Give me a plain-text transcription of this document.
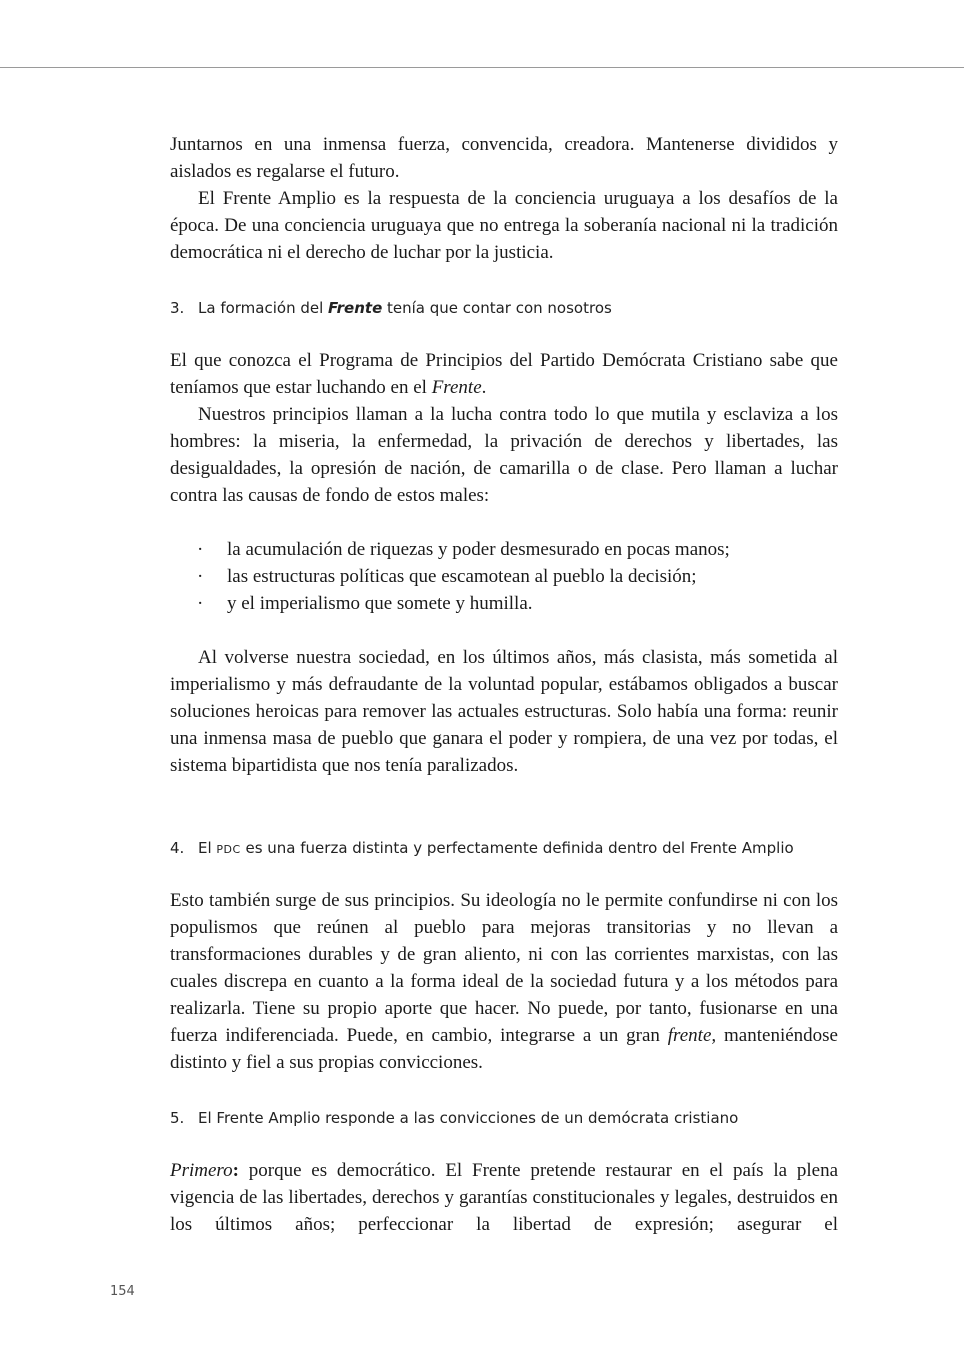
Juntarnos en una inmensa fuerza, convencida, creadora. Mantenerse divididos y aislados es regalarse el futuro.

El Frente Amplio es la respuesta de la conciencia uruguaya a los desafíos de la época. De una conciencia uruguaya que no entrega la soberanía nacional ni la tradición democrática ni el derecho de luchar por la justicia.

3. La formación del Frente tenía que contar con nosotros

El que conozca el Programa de Principios del Partido Demócrata Cristiano sabe que teníamos que estar luchando en el Frente.

Nuestros principios llaman a la lucha contra todo lo que mutila y esclaviza a los hombres: la miseria, la enfermedad, la privación de derechos y libertades, las desigualdades, la opresión de nación, de camarilla o de clase. Pero llaman a luchar contra las causas de fondo de estos males:

· la acumulación de riquezas y poder desmesurado en pocas manos;
· las estructuras políticas que escamotean al pueblo la decisión;
· y el imperialismo que somete y humilla.

Al volverse nuestra sociedad, en los últimos años, más clasista, más sometida al imperialismo y más defraudante de la voluntad popular, estábamos obligados a buscar soluciones heroicas para remover las actuales estructuras. Solo había una forma: reunir una inmensa masa de pueblo que ganara el poder y rompiera, de una vez por todas, el sistema bipartidista que nos tenía paralizados.

4. El PDC es una fuerza distinta y perfectamente definida dentro del Frente Amplio

Esto también surge de sus principios. Su ideología no le permite confundirse ni con los populismos que reúnen al pueblo para mejoras transitorias y no llevan a transformaciones durables y de gran aliento, ni con las corrientes marxistas, con las cuales discrepa en cuanto a la forma ideal de la sociedad futura y a los métodos para realizarla. Tiene su propio aporte que hacer. No puede, por tanto, fusionarse en una fuerza indiferenciada. Puede, en cambio, integrarse a un gran frente, manteniéndose distinto y fiel a sus propias convicciones.

5. El Frente Amplio responde a las convicciones de un demócrata cristiano

Primero: porque es democrático. El Frente pretende restaurar en el país la plena vigencia de las libertades, derechos y garantías constitucionales y legales, destruidos en los últimos años; perfeccionar la libertad de expresión; asegurar el

154
